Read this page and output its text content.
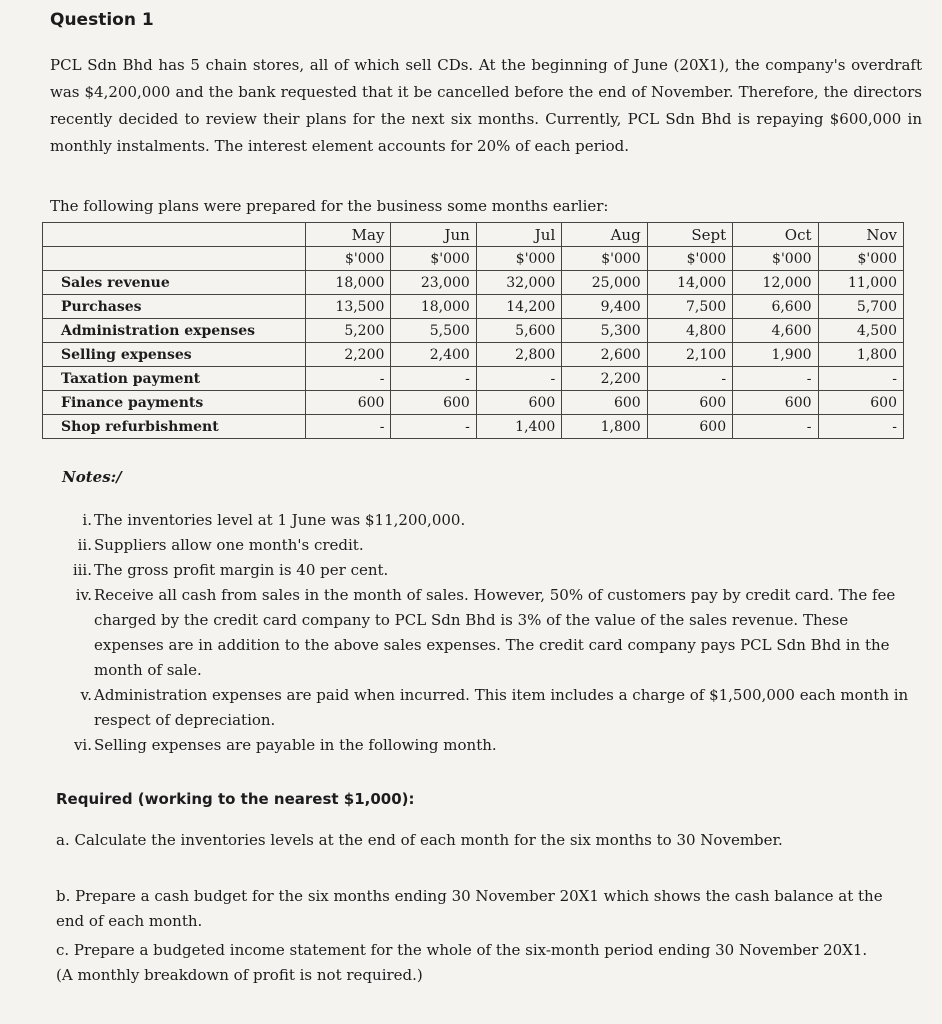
Question 1

PCL Sdn Bhd has 5 chain stores, all of which sell CDs. At the beginning of June (20X1), the company's overdraft was $4,200,000 and the bank requested that it be cancelled before the end of November. Therefore, the directors recently decided to review their plans for the next six months. Currently, PCL Sdn Bhd is repaying $600,000 in monthly instalments. The interest element accounts for 20% of each period.

The following plans were prepared for the business some months earlier:

	May	Jun	Jul	Aug	Sept	Oct	Nov
	$'000	$'000	$'000	$'000	$'000	$'000	$'000
Sales revenue	18,000	23,000	32,000	25,000	14,000	12,000	11,000
Purchases	13,500	18,000	14,200	9,400	7,500	6,600	5,700
Administration expenses	5,200	5,500	5,600	5,300	4,800	4,600	4,500
Selling expenses	2,200	2,400	2,800	2,600	2,100	1,900	1,800
Taxation payment	-	-	-	2,200	-	-	-
Finance payments	600	600	600	600	600	600	600
Shop refurbishment	-	-	1,400	1,800	600	-	-

Notes:/

i. The inventories level at 1 June was $11,200,000.
ii. Suppliers allow one month's credit.
iii. The gross profit margin is 40 per cent.
iv. Receive all cash from sales in the month of sales. However, 50% of customers pay by credit card. The fee charged by the credit card company to PCL Sdn Bhd is 3% of the value of the sales revenue. These expenses are in addition to the above sales expenses. The credit card company pays PCL Sdn Bhd in the month of sale.
v. Administration expenses are paid when incurred. This item includes a charge of $1,500,000 each month in respect of depreciation.
vi. Selling expenses are payable in the following month.

Required (working to the nearest $1,000):

a. Calculate the inventories levels at the end of each month for the six months to 30 November.

b. Prepare a cash budget for the six months ending 30 November 20X1 which shows the cash balance at the end of each month.

c. Prepare a budgeted income statement for the whole of the six-month period ending 30 November 20X1. (A monthly breakdown of profit is not required.)
